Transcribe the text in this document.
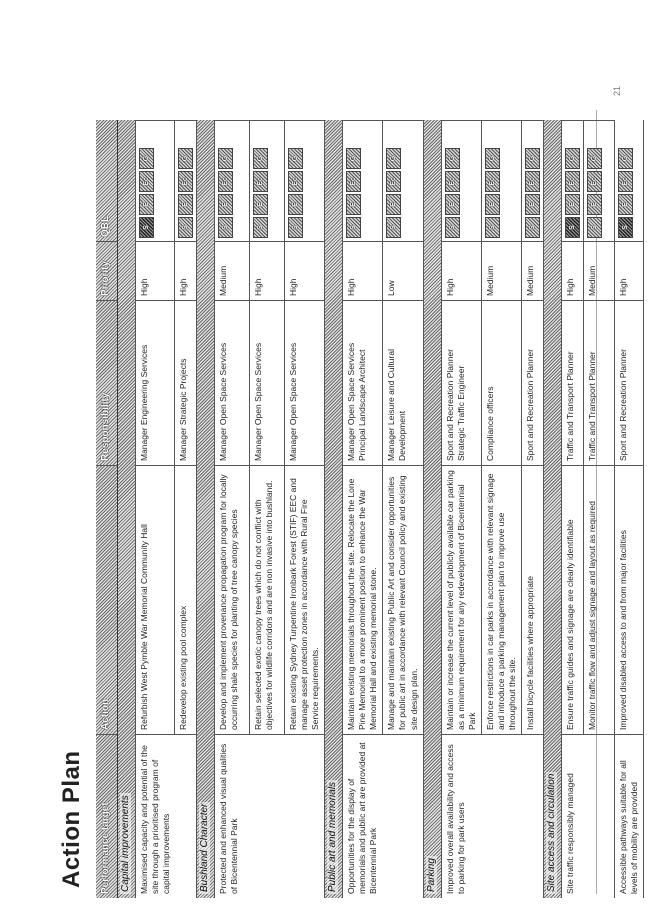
Action Plan
21
Performance target
Action
Responsibility
Priority
QBL
Capital improvements Maximised capacity and potential of the site through a prioritised program of capital improvements
Refurbish West Pymble War Memorial Community Hall
Manager Engineering Services
High
S
E
Ec
G
Redevelop existing pool complex
Manager Strategic Projects
High
S
E
Ec
G
Bushland Character Protected and enhanced visual qualities of Bicentennial Park
Develop and implement provenance propagation program for locally occurring shale species for planting of tree canopy species
Manager Open Space Services
Medium
S
E
Ec
G
Retain selected exotic canopy trees which do not conflict with objectives for wildlife corridors and are non invasive into bushland.
Manager Open Space Services
High
S
E
Ec
G
Retain existing Sydney Turpentine Ironbark Forest (STIF) EEC and manage asset protection zones in accordance with Rural Fire Service requirements.
Manager Open Space Services
High
S
E
Ec
G
Public art and memorials Opportunities for the display of memorials and public art are provided at Bicentennial Park
Maintain existing memorials throughout the site. Relocate the Lone Pine Memorial to a more prominent position to enhance the War Memorial Hall and existing memorial stone.
Manager Open Space Services
Principal Landscape Architect
High
S
E
Ec
G
Manage and maintain existing Public Art and consider opportunities for public art in accordance with relevant Council policy and existing site design plan.
Manager Leisure and Cultural Development
Low
S
E
Ec
G
Parking Improved overall availability and access to parking for park users
Maintain or increase the current level of publicly available car parking as a minimum requirement for any redevelopment of Bicentennial Park
Sport and Recreation Planner
Strategic Traffic Engineer
High
S
E
Ec
G
Enforce restrictions in car parks in accordance with relevant signage and introduce a parking management plan to improve use throughout the site.
Compliance officers
Medium
S
E
Ec
G
Install bicycle facilities where appropriate
Sport and Recreation Planner
Medium
S
E
Ec
G
Site access and circulation Site traffic responsibly managed
Ensure traffic guides and signage are clearly identifiable
Traffic and Transport Planner
High
S
E
Ec
G
Monitor traffic flow and adjust signage and layout as required
Traffic and Transport Planner
Medium
S
E
Ec
G
Accessible pathways suitable for all levels of mobility are provided
Improved disabled access to and from major facilities
Sport and Recreation Planner
High
S
E
Ec
G
